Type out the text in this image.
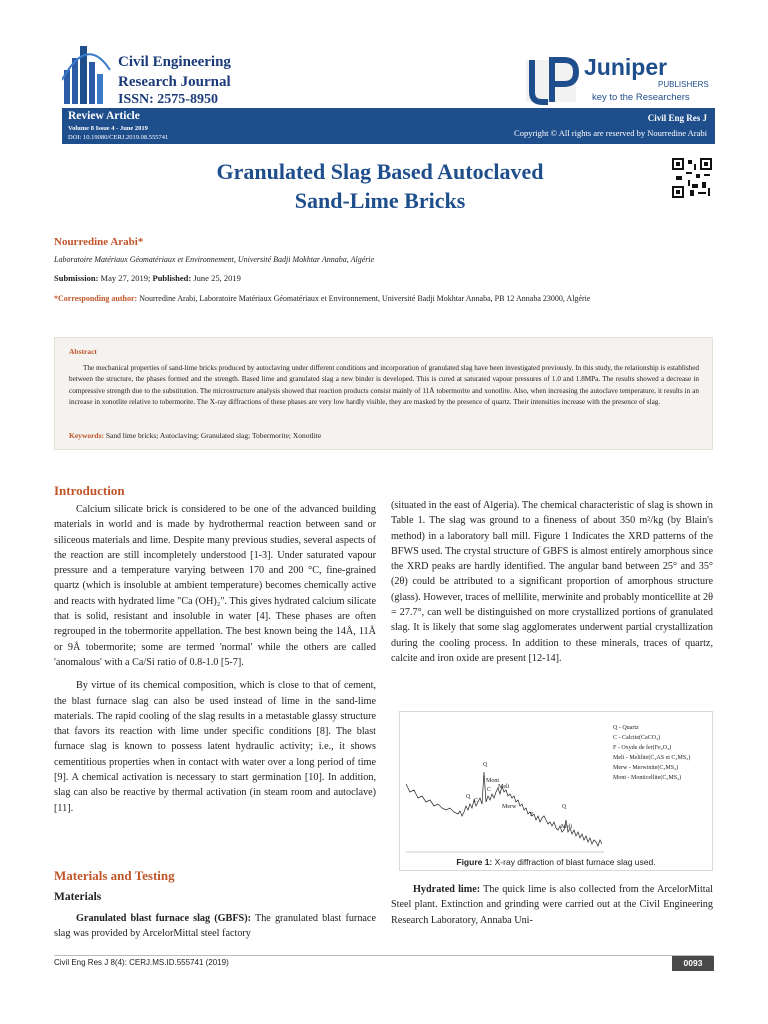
Civil Engineering
Research Journal
ISSN: 2575-8950
Juniper
PUBLISHERS
key to the Researchers
Review Article
Volume 8 Issue 4 - June 2019
DOI: 10.19080/CERJ.2019.08.555741
Civil Eng Res J
Copyright © All rights are reserved by Nourredine Arabi
Granulated Slag Based Autoclaved
Sand-Lime Bricks
Nourredine Arabi*
Laboratoire Matériaux Géomatériaux et Environnement, Université Badji Mokhtar Annaba, Algérie
Submission: May 27, 2019; Published: June 25, 2019
*Corresponding author: Nourredine Arabi, Laboratoire Matériaux Géomatériaux et Environnement, Université Badji Mokhtar Annaba, PB 12 Annaba 23000, Algérie
Abstract
The mechanical properties of sand-lime bricks produced by autoclaving under different conditions and incorporation of granulated slag have been investigated previously. In this study, the relationship is established between the structure, the phases formed and the strength. Based lime and granulated slag a new binder is developed. This is cured at saturated vapour pressures of 1.0 and 1.8MPa. The results showed a decrease in compressive strength due to the substitution. The microstructure analysis showed that reaction products consist mainly of 11Å tobermorite and xonotlite. Also, when increasing the autoclave temperature, it results in an increase in xonotlite relative to tobermorite. The X-ray diffractions of these phases are very low hardly visible, they are masked by the presence of quartz. Their intensities increase with the presence of slag.
Keywords: Sand lime bricks; Autoclaving; Granulated slag; Tobermorite; Xonotlite
Introduction

Calcium silicate brick is considered to be one of the advanced building materials in world and is made by hydrothermal reaction between sand or siliceous materials and lime. Despite many previous studies, several aspects of the reaction are still incompletely understood [1-3]. Under saturated vapour pressure and a temperature varying between 170 and 200 °C, fine-grained quartz (which is insoluble at ambient temperature) becomes chemically active and reacts with hydrated lime "Ca (OH)₂". This gives hydrated calcium silicate that is solid, resistant and insoluble in water [4]. These phases are often regrouped in the tobermorite appellation. The best known being the 14Å, 11Å or 9Å tobermorite; some are termed 'normal' while the others are called 'anomalous' with a Ca/Si ratio of 0.8-1.0 [5-7].

By virtue of its chemical composition, which is close to that of cement, the blast furnace slag can also be used instead of lime in the sand-lime materials. The rapid cooling of the slag results in a metastable glassy structure that favors its reaction with lime under specific conditions [8]. The blast furnace slag is known to possess latent hydraulic activity; i.e., it shows cementitious properties when in contact with water over a long period of time [9]. A chemical activation is necessary to start germination [10]. In addition, slag can also be reactive by thermal activation (in steam room and autoclave) [11].

Materials and Testing
Materials

Granulated blast furnace slag (GBFS): The granulated blast furnace slag was provided by ArcelorMittal steel factory

(situated in the east of Algeria). The chemical characteristic of slag is shown in Table 1. The slag was ground to a fineness of about 350 m²/kg (by Blain's method) in a laboratory ball mill. Figure 1 Indicates the XRD patterns of the BFWS used. The crystal structure of GBFS is almost entirely amorphous since the XRD peaks are hardly identified. The angular band between 25° and 35° (2θ) could be attributed to a significant proportion of amorphous structure (glass). However, traces of mellilite, merwinite and probably monticellite at 2θ = 27.7°, can well be distinguished on more crystallized portions of granulated slag. It is likely that some slag agglomerates underwent partial crystallization during the cooling process. In addition to these minerals, traces of quartz, calcite and iron oxide are present [12-14].

Q - Quartz
C - Calcite(CaCO₃)
F - Oxyde de fer(Fe₂O₃)
Meli - Melilite(C₂AS et C₂MS₂)
Merw - Merwinite(C₃MS₂)
Mont - Monticellite(C₂MS₂)
Q
Mont
C Meli
Q
C
Merw
F
Q
Meli
Figure 1: X-ray diffraction of blast furnace slag used.

Hydrated lime: The quick lime is also collected from the ArcelorMittal Steel plant. Extinction and grinding were carried out at the Civil Engineering Research Laboratory, Annaba Uni-

Civil Eng Res J 8(4): CERJ.MS.ID.555741 (2019)	0093
